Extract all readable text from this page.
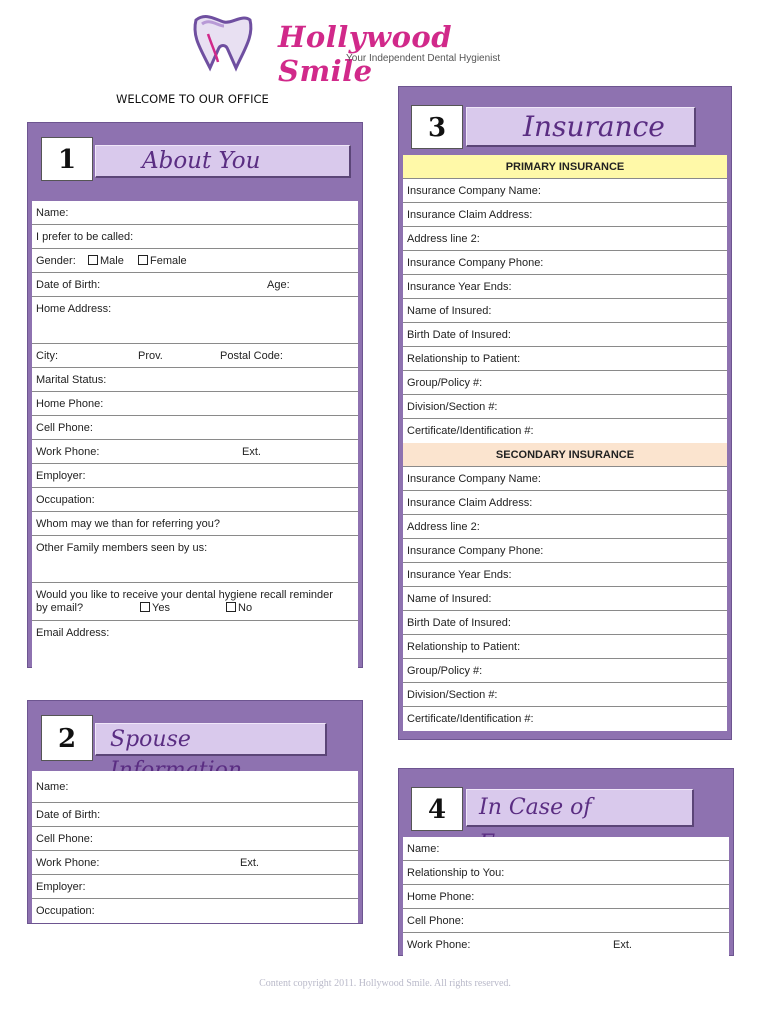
Hollywood Smile
Your Independent Dental Hygienist
WELCOME TO OUR OFFICE
1	About You
Name:
I prefer to be called:
Gender:	Male	Female
Date of Birth:	Age:
Home Address:
City:	Prov.	Postal Code:
Marital Status:
Home Phone:
Cell Phone:
Work Phone:	Ext.
Employer:
Occupation:
Whom may we than for referring you?
Other Family members seen by us:
Would you like to receive your dental hygiene recall reminder by email?	Yes	No
Email Address:
2	Spouse
Name:
Date of Birth:
Cell Phone:
Work Phone:	Ext.
Employer:
Occupation:
3	Insurance
PRIMARY INSURANCE
Insurance Company Name:
Insurance Claim Address:
Address line 2:
Insurance Company Phone:
Insurance Year Ends:
Name of Insured:
Birth Date of Insured:
Relationship to Patient:
Group/Policy #:
Division/Section #:
Certificate/Identification #:
SECONDARY INSURANCE
Insurance Company Name:
Insurance Claim Address:
Address line 2:
Insurance Company Phone:
Insurance Year Ends:
Name of Insured:
Birth Date of Insured:
Relationship to Patient:
Group/Policy #:
Division/Section #:
Certificate/Identification #:
4	In Case of
Name:
Relationship to You:
Home Phone:
Cell Phone:
Work Phone:	Ext.
Content copyright 2011. Hollywood Smile. All rights reserved.
